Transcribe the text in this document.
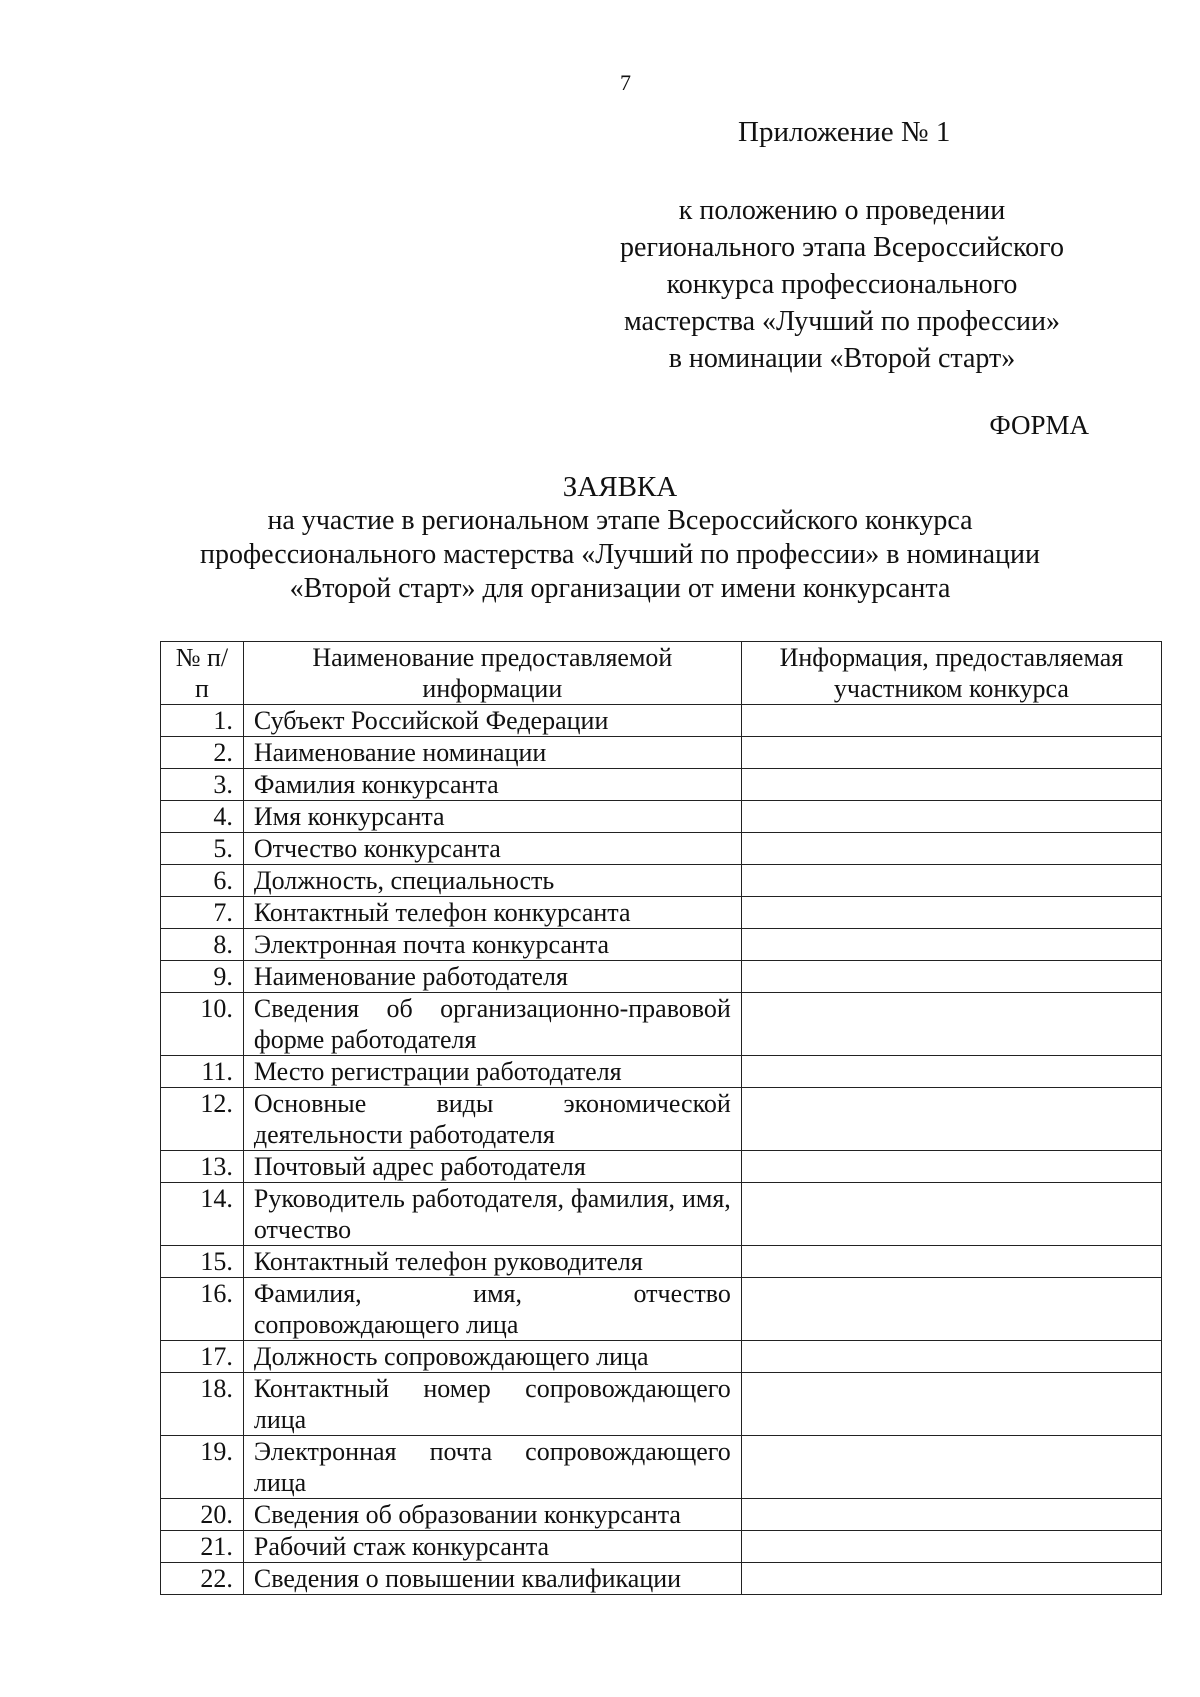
7
Приложение № 1
к положению о проведении
регионального этапа Всероссийского
конкурса профессионального
мастерства «Лучший по профессии»
в номинации «Второй старт»
ФОРМА
ЗАЯВКА
на участие в региональном этапе Всероссийского конкурса
профессионального мастерства «Лучший по профессии» в номинации
«Второй старт» для организации от имени конкурсанта
№ п/п	Наименование предоставляемой информации	Информация, предоставляемая участником конкурса
1.	Субъект Российской Федерации	
2.	Наименование номинации	
3.	Фамилия конкурсанта	
4.	Имя конкурсанта	
5.	Отчество конкурсанта	
6.	Должность, специальность	
7.	Контактный телефон конкурсанта	
8.	Электронная почта конкурсанта	
9.	Наименование работодателя	
10.	Сведения об организационно-правовой форме работодателя	
11.	Место регистрации работодателя	
12.	Основные виды экономической деятельности работодателя	
13.	Почтовый адрес работодателя	
14.	Руководитель работодателя, фамилия, имя, отчество	
15.	Контактный телефон руководителя	
16.	Фамилия, имя, отчество сопровождающего лица	
17.	Должность сопровождающего лица	
18.	Контактный номер сопровождающего лица	
19.	Электронная почта сопровождающего лица	
20.	Сведения об образовании конкурсанта	
21.	Рабочий стаж конкурсанта	
22.	Сведения о повышении квалификации	
